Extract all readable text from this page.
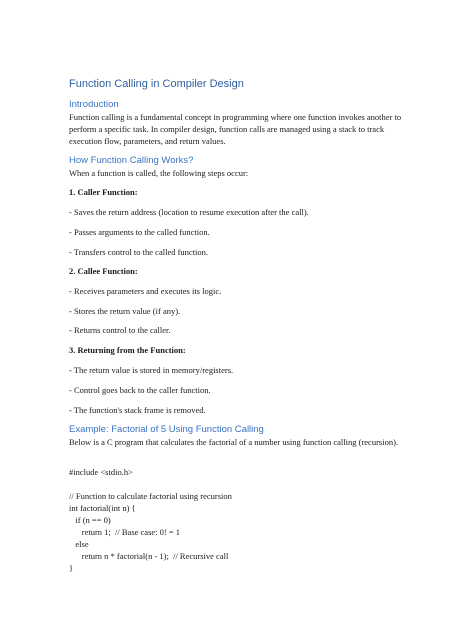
Function Calling in Compiler Design
Introduction
Function calling is a fundamental concept in programming where one function invokes another to perform a specific task. In compiler design, function calls are managed using a stack to track execution flow, parameters, and return values.
How Function Calling Works?
When a function is called, the following steps occur:
1. Caller Function:
- Saves the return address (location to resume execution after the call).
- Passes arguments to the called function.
- Transfers control to the called function.
2. Callee Function:
- Receives parameters and executes its logic.
- Stores the return value (if any).
- Returns control to the caller.
3. Returning from the Function:
- The return value is stored in memory/registers.
- Control goes back to the caller function.
- The function's stack frame is removed.
Example: Factorial of 5 Using Function Calling
Below is a C program that calculates the factorial of a number using function calling (recursion).
#include <stdio.h>
// Function to calculate factorial using recursion
int factorial(int n) {
if (n == 0)
return 1;  // Base case: 0! = 1
else
return n * factorial(n - 1);  // Recursive call
}
